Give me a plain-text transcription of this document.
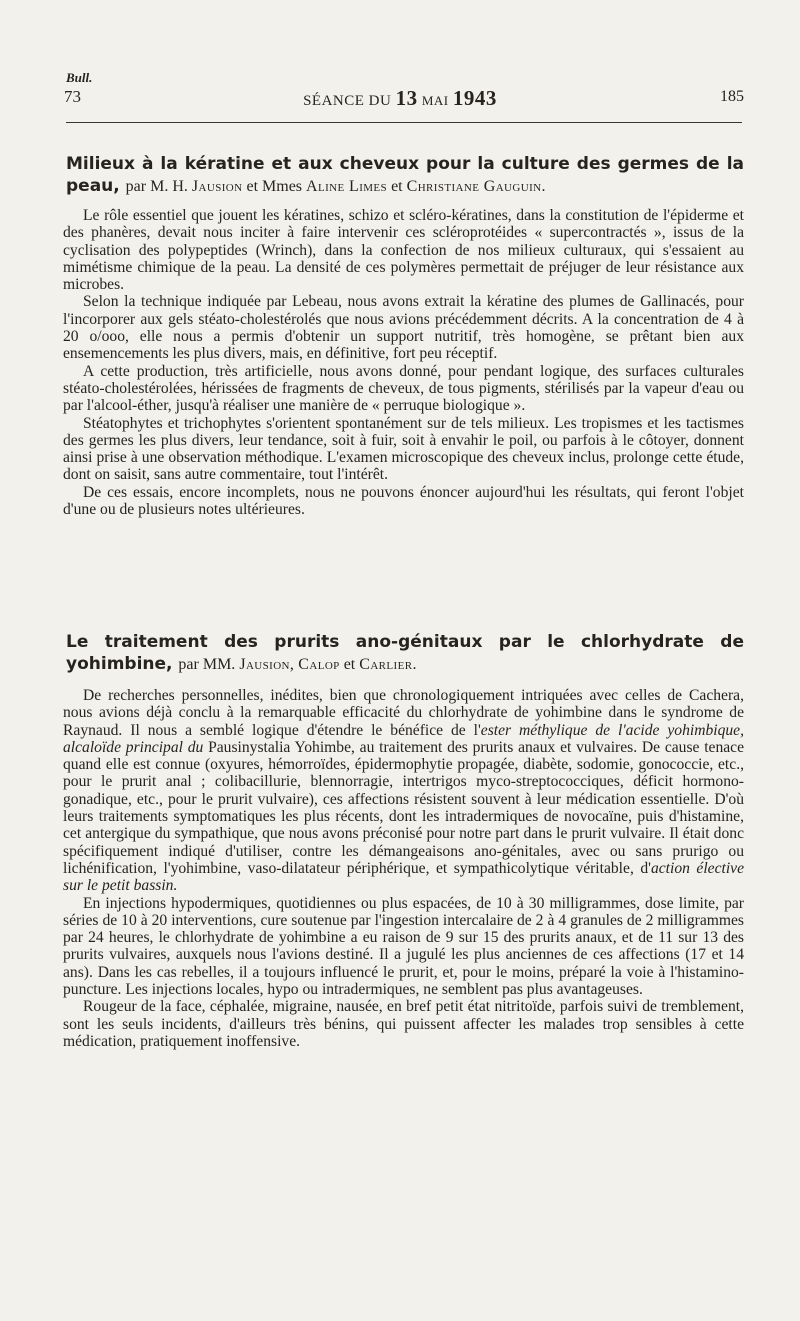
Bull.
73	SÉANCE DU 13 MAI 1943	185
Milieux à la kératine et aux cheveux pour la culture des germes de la peau, par M. H. Jausion et Mmes Aline Limes et Christiane Gauguin.

Le rôle essentiel que jouent les kératines, schizo et scléro-kératines, dans la constitution de l'épiderme et des phanères, devait nous inciter à faire intervenir ces scléroprotéides « supercontractés », issus de la cyclisation des polypeptides (Wrinch), dans la confection de nos milieux culturaux, qui s'essaient au mimétisme chimique de la peau. La densité de ces polymères permettait de préjuger de leur résistance aux microbes.

Selon la technique indiquée par Lebeau, nous avons extrait la kératine des plumes de Gallinacés, pour l'incorporer aux gels stéato-cholestérolés que nous avions précédemment décrits. A la concentration de 4 à 20 o/ooo, elle nous a permis d'obtenir un support nutritif, très homogène, se prêtant bien aux ensemencements les plus divers, mais, en définitive, fort peu réceptif.

A cette production, très artificielle, nous avons donné, pour pendant logique, des surfaces culturales stéato-cholestérolées, hérissées de fragments de cheveux, de tous pigments, stérilisés par la vapeur d'eau ou par l'alcool-éther, jusqu'à réaliser une manière de « perruque biologique ».

Stéatophytes et trichophytes s'orientent spontanément sur de tels milieux. Les tropismes et les tactismes des germes les plus divers, leur tendance, soit à fuir, soit à envahir le poil, ou parfois à le côtoyer, donnent ainsi prise à une observation méthodique. L'examen microscopique des cheveux inclus, prolonge cette étude, dont on saisit, sans autre commentaire, tout l'intérêt.

De ces essais, encore incomplets, nous ne pouvons énoncer aujourd'hui les résultats, qui feront l'objet d'une ou de plusieurs notes ultérieures.

Le traitement des prurits ano-génitaux par le chlorhydrate de yohimbine, par MM. Jausion, Calop et Carlier.

De recherches personnelles, inédites, bien que chronologiquement intriquées avec celles de Cachera, nous avions déjà conclu à la remarquable efficacité du chlorhydrate de yohimbine dans le syndrome de Raynaud. Il nous a semblé logique d'étendre le bénéfice de l'ester méthylique de l'acide yohimbique, alcaloïde principal du Pausinystalia Yohimbe, au traitement des prurits anaux et vulvaires. De cause tenace quand elle est connue (oxyures, hémorroïdes, épidermophytie propagée, diabète, sodomie, gonococcie, etc., pour le prurit anal ; colibacillurie, blennorragie, intertrigos myco-streptococciques, déficit hormono-gonadique, etc., pour le prurit vulvaire), ces affections résistent souvent à leur médication essentielle. D'où leurs traitements symptomatiques les plus récents, dont les intradermiques de novocaïne, puis d'histamine, cet antergique du sympathique, que nous avons préconisé pour notre part dans le prurit vulvaire. Il était donc spécifiquement indiqué d'utiliser, contre les démangeaisons ano-génitales, avec ou sans prurigo ou lichénification, l'yohimbine, vaso-dilatateur périphérique, et sympathicolytique véritable, d'action élective sur le petit bassin.

En injections hypodermiques, quotidiennes ou plus espacées, de 10 à 30 milligrammes, dose limite, par séries de 10 à 20 interventions, cure soutenue par l'ingestion intercalaire de 2 à 4 granules de 2 milligrammes par 24 heures, le chlorhydrate de yohimbine a eu raison de 9 sur 15 des prurits anaux, et de 11 sur 13 des prurits vulvaires, auxquels nous l'avions destiné. Il a jugulé les plus anciennes de ces affections (17 et 14 ans). Dans les cas rebelles, il a toujours influencé le prurit, et, pour le moins, préparé la voie à l'histamino-puncture. Les injections locales, hypo ou intradermiques, ne semblent pas plus avantageuses.

Rougeur de la face, céphalée, migraine, nausée, en bref petit état nitritoïde, parfois suivi de tremblement, sont les seuls incidents, d'ailleurs très bénins, qui puissent affecter les malades trop sensibles à cette médication, pratiquement inoffensive.
